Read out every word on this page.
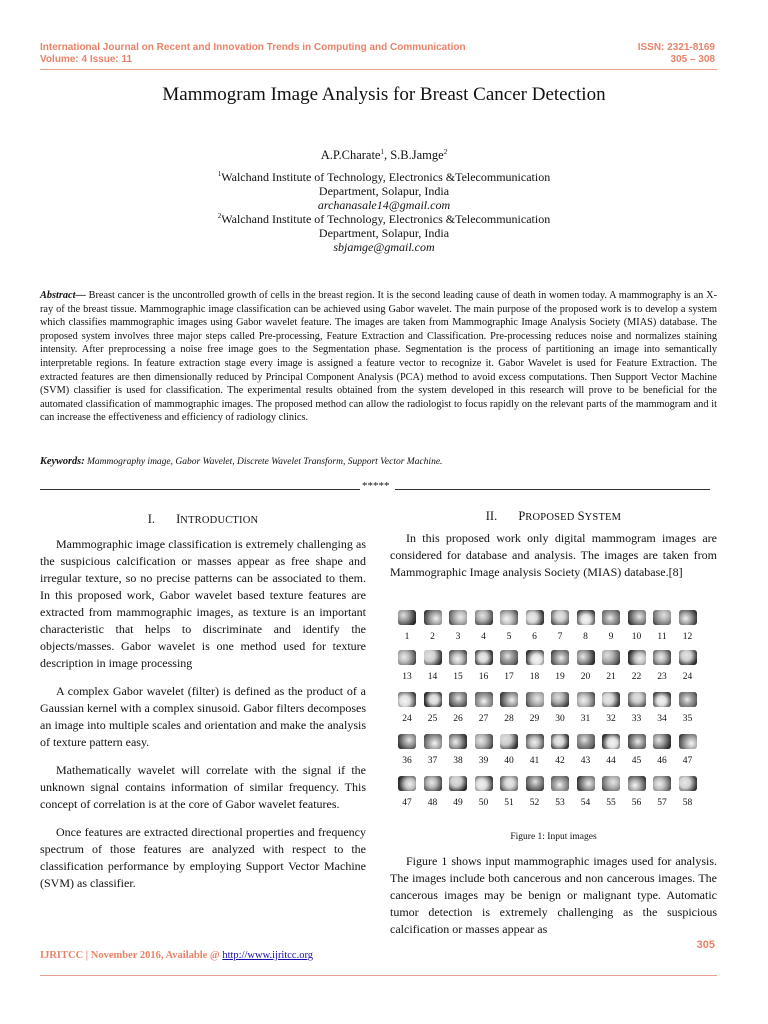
International Journal on Recent and Innovation Trends in Computing and Communication
Volume: 4 Issue: 11
ISSN: 2321-8169
305 – 308
Mammogram Image Analysis for Breast Cancer Detection
A.P.Charate$^1$, S.B.Jamge$^2$
$^1$Walchand Institute of Technology, Electronics &Telecommunication
Department, Solapur, India
archanasale14@gmail.com
$^2$Walchand Institute of Technology, Electronics &Telecommunication
Department, Solapur, India
sbjamge@gmail.com
Abstract— Breast cancer is the uncontrolled growth of cells in the breast region. It is the second leading cause of death in women today. A mammography is an X-ray of the breast tissue. Mammographic image classification can be achieved using Gabor wavelet. The main purpose of the proposed work is to develop a system which classifies mammographic images using Gabor wavelet feature. The images are taken from Mammographic Image Analysis Society (MIAS) database. The proposed system involves three major steps called Pre-processing, Feature Extraction and Classification. Pre-processing reduces noise and normalizes staining intensity. After preprocessing a noise free image goes to the Segmentation phase. Segmentation is the process of partitioning an image into semantically interpretable regions. In feature extraction stage every image is assigned a feature vector to recognize it. Gabor Wavelet is used for Feature Extraction. The extracted features are then dimensionally reduced by Principal Component Analysis (PCA) method to avoid excess computations. Then Support Vector Machine (SVM) classifier is used for classification. The experimental results obtained from the system developed in this research will prove to be beneficial for the automated classification of mammographic images. The proposed method can allow the radiologist to focus rapidly on the relevant parts of the mammogram and it can increase the effectiveness and efficiency of radiology clinics.
Keywords: Mammography image, Gabor Wavelet, Discrete Wavelet Transform, Support Vector Machine.
*****
I. INTRODUCTION

Mammographic image classification is extremely challenging as the suspicious calcification or masses appear as free shape and irregular texture, so no precise patterns can be associated to them. In this proposed work, Gabor wavelet based texture features are extracted from mammographic images, as texture is an important characteristic that helps to discriminate and identify the objects/masses. Gabor wavelet is one method used for texture description in image processing

A complex Gabor wavelet (filter) is defined as the product of a Gaussian kernel with a complex sinusoid. Gabor filters decomposes an image into multiple scales and orientation and make the analysis of texture pattern easy.

Mathematically wavelet will correlate with the signal if the unknown signal contains information of similar frequency. This concept of correlation is at the core of Gabor wavelet features.

Once features are extracted directional properties and frequency spectrum of those features are analyzed with respect to the classification performance by employing Support Vector Machine (SVM) as classifier.

II. PROPOSED SYSTEM

In this proposed work only digital mammogram images are considered for database and analysis. The images are taken from Mammographic Image analysis Society (MIAS) database.[8]

1	2	3	4	5	6	7	8	9	10	11	12
13	14	15	16	17	18	19	20	21	22	23	24
24	25	26	27	28	29	30	31	32	33	34	35
36	37	38	39	40	41	42	43	44	45	46	47
47	48	49	50	51	52	53	54	55	56	57	58
Figure 1: Input images

Figure 1 shows input mammographic images used for analysis. The images include both cancerous and non cancerous images. The cancerous images may be benign or malignant type. Automatic tumor detection is extremely challenging as the suspicious calcification or masses appear as

IJRITCC | November 2016, Available @ http://www.ijritcc.org
305
